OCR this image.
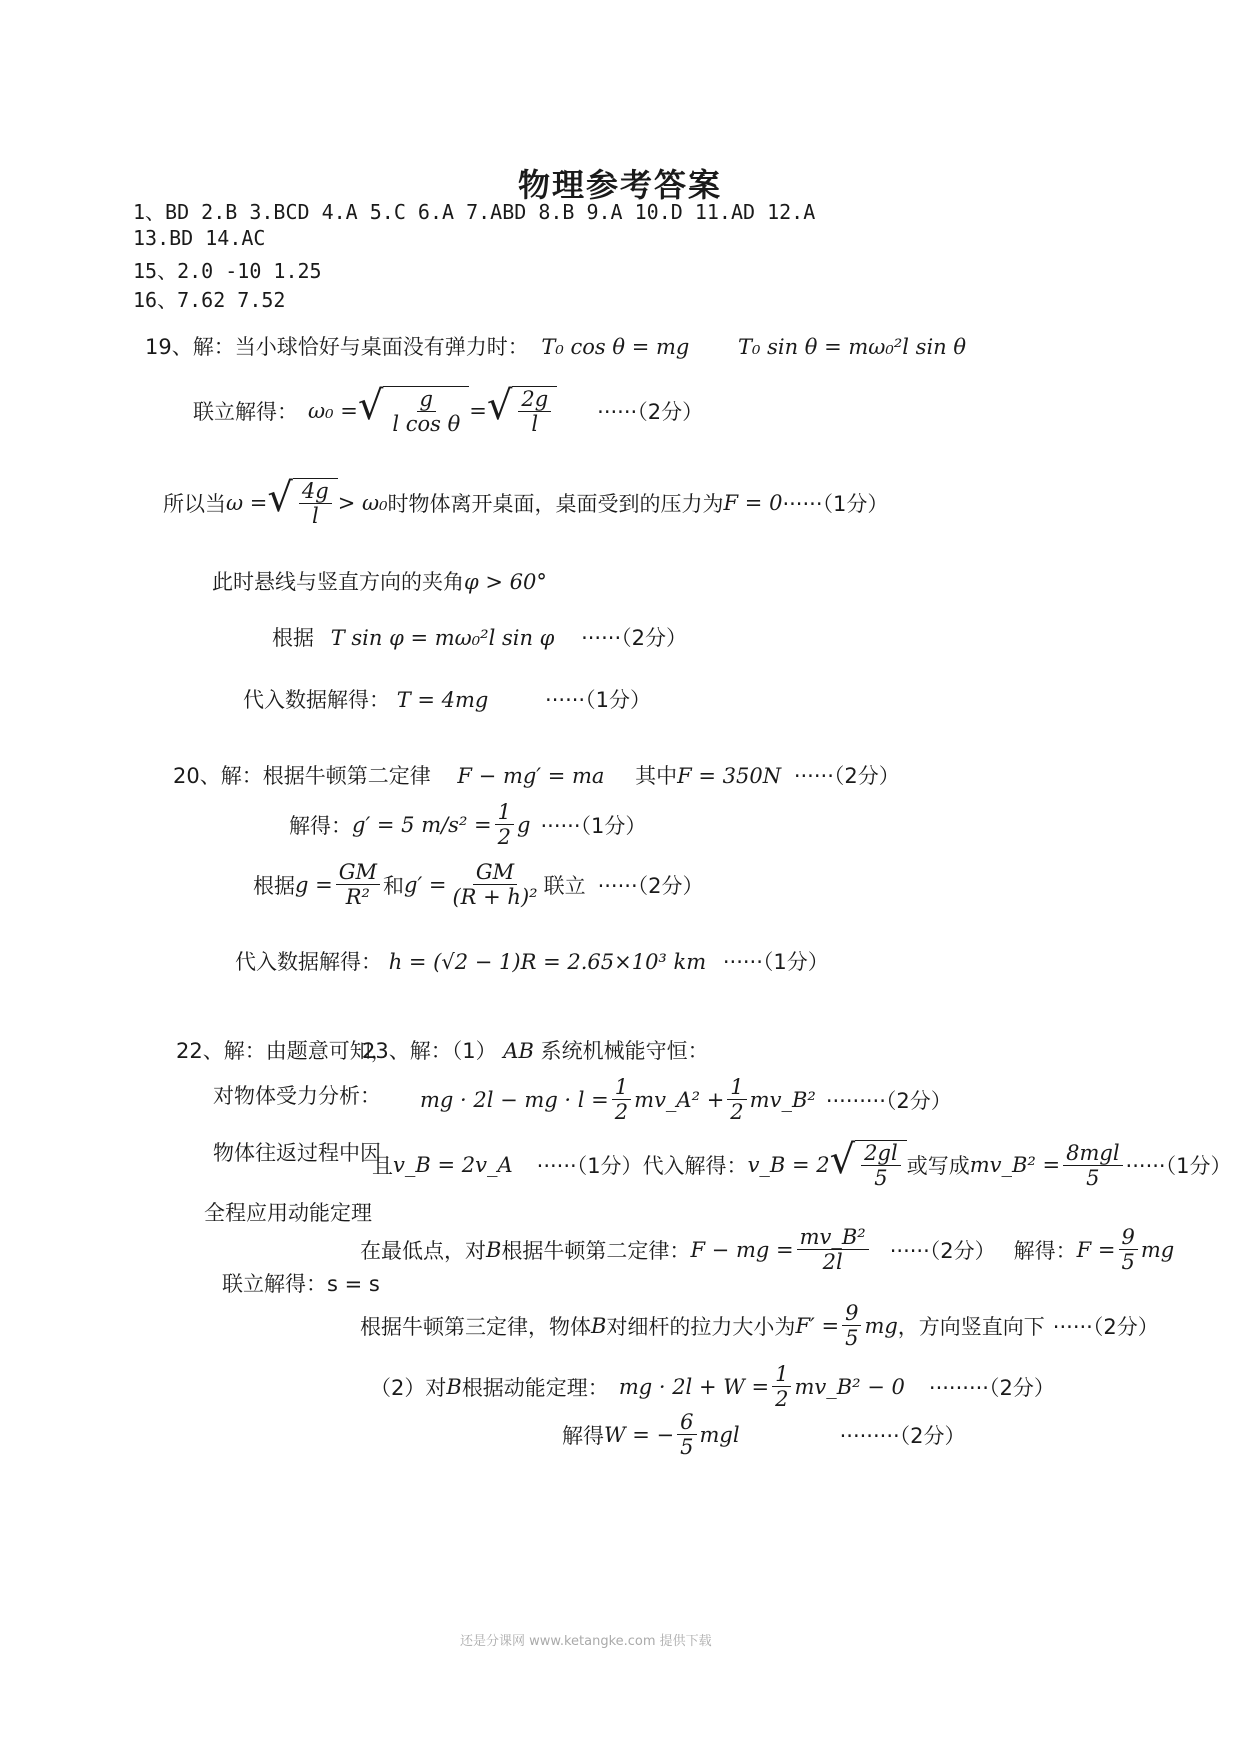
物理参考答案
1、BD 2.B 3.BCD 4.A 5.C 6.A 7.ABD 8.B 9.A 10.D 11.AD 12.A
13.BD 14.AC
15、2.0 -10 1.25
16、7.62 7.52
19、解：当小球恰好与桌面没有弹力时： T₀ cos θ = mg T₀ sin θ = mω₀²l sin θ
联立解得： ω₀ = √ $\frac{g}{\text{l cos θ}}$ = √ $\frac{2g}{l} \cdot\cdot\cdot\cdot\cdot\cdot(2$分）
所以当 ω = √ $\frac{4g}{l} > \omega_0$ 时物体离开桌面，桌面受到的压力为 F = 0 ······（1分）
此时悬线与竖直方向的夹角φ > 60°
根据 T sin φ = mω₀²l sin φ ······（2分）
代入数据解得： T = 4mg	······（1分）
20、解：根据牛顿第二定律 F − mg′ = ma 其中F = 350N ······（2分）
解得： g′ = 5 $m/s^2 = \frac{1}{2}$ g ······（1分）
根据 $g = \frac{GM}{\text{R²}}$ 和 $g' = \frac{GM}{\text{(R + h)²}}$ 联立 ······（2分）
代入数据解得： h = (√2 − 1)R = 2.65×10³ km ······（1分）
22、解：由题意可知，
对物体受力分析：
物体往返过程中因
全程应用动能定理
联立解得：s = s
23、解：（1） AB 系统机械能守恒：
mg · 2l − mg · $l = \frac{1}{2}$ mv_A² + $\frac{1}{2}$ mv_B² ·········（2分）
且 v_B = 2v_A ······（1分） 代入解得： v_B = 2 √ $\frac{2gl}{5}$ 或写成 mv_B² = $\frac{\text{8mgl}}{5} \cdot\cdot\cdot\cdot\cdot\cdot(1$分）
在最低点，对 B 根据牛顿第二定律： F − mg = $\frac{\text{mv\_B²}}{2l} \cdot\cdot\cdot\cdot\cdot\cdot(2$分） 解得： $F = \frac{9}{5}$ mg
根据牛顿第三定律，物体 B 对细杆的拉力大小为 $F' = \frac{9}{5}$ mg ，方向竖直向下 ······（2分）
（2）对 B 根据动能定理： mg · $2l + W = \frac{1}{2}$ mv_B² − 0 ·········（2分）
解得 W = − $\frac{6}{5}$ mgl	·········（2分）
还是分课网 www.ketangke.com 提供下载
